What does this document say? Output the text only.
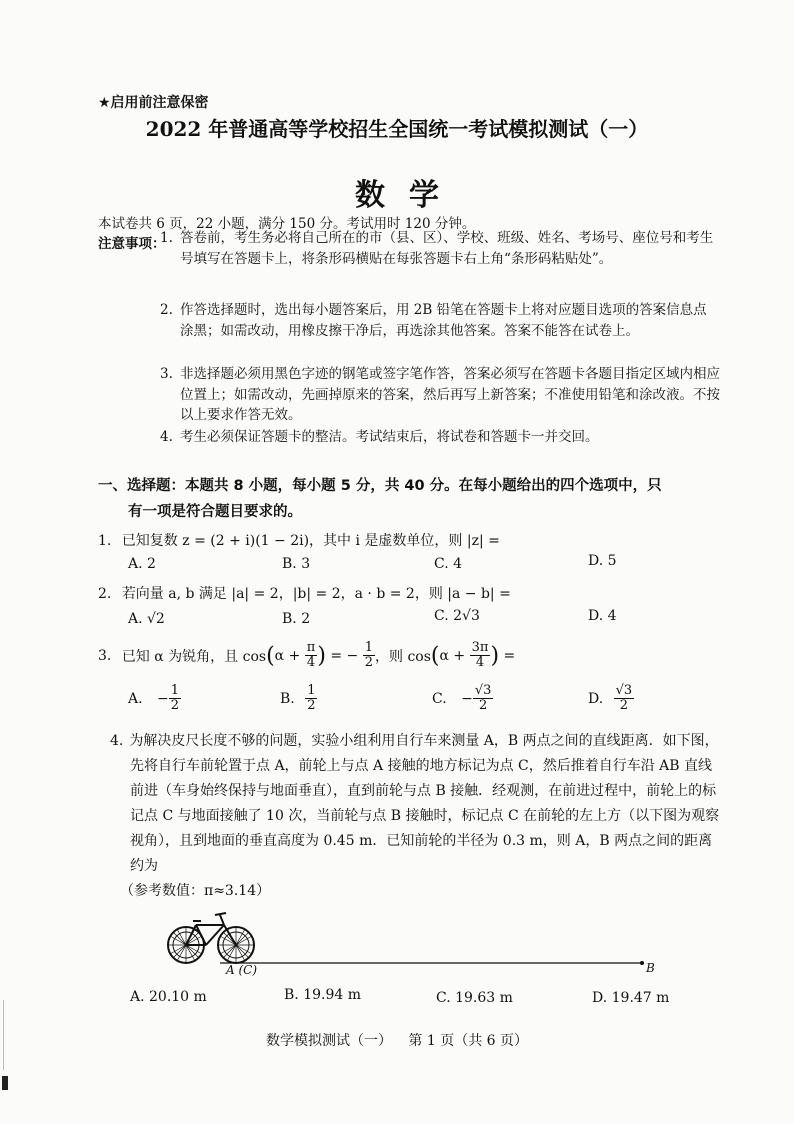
★启用前注意保密
2022 年普通高等学校招生全国统一考试模拟测试（一）
数学
本试卷共 6 页，22 小题，满分 150 分。考试用时 120 分钟。
注意事项：
1. 答卷前，考生务必将自己所在的市（县、区）、学校、班级、姓名、考场号、座位号和考生号填写在答题卡上，将条形码横贴在每张答题卡右上角“条形码粘贴处”。
2. 作答选择题时，选出每小题答案后，用 2B 铅笔在答题卡上将对应题目选项的答案信息点涂黑；如需改动，用橡皮擦干净后，再选涂其他答案。答案不能答在试卷上。
3. 非选择题必须用黑色字迹的钢笔或签字笔作答，答案必须写在答题卡各题目指定区域内相应位置上；如需改动，先画掉原来的答案，然后再写上新答案；不准使用铅笔和涂改液。不按以上要求作答无效。
4. 考生必须保证答题卡的整洁。考试结束后，将试卷和答题卡一并交回。
一、选择题：本题共 8 小题，每小题 5 分，共 40 分。在每小题给出的四个选项中，只
有一项是符合题目要求的。
1. 已知复数 z = (2 + i)(1 − 2i)，其中 i 是虚数单位，则 |z| =
A. 2	B. 3	C. 4	D. 5
2. 若向量 a, b 满足 |a| = 2，|b| = 2，a · b = 2，则 |a − b| =
A. √2	B. 2	C. 2√3	D. 4
3. 已知 α 为锐角，且 $\cos(\alpha + \frac{\pi}{4}$ ) = − $\frac{1}{2}$ ，则 $\cos(\alpha + \frac{3\pi}{4}$ ) =
A. − $\frac{1}{2}$	B. $\frac{1}{2}$	C. − $\frac{√3}{2}$	D. $\frac{√3}{2}$
4. 为解决皮尺长度不够的问题，实验小组利用自行车来测量 A，B 两点之间的直线距离．如下图，先将自行车前轮置于点 A，前轮上与点 A 接触的地方标记为点 C，然后推着自行车沿 AB 直线前进（车身始终保持与地面垂直），直到前轮与点 B 接触．经观测，在前进过程中，前轮上的标记点 C 与地面接触了 10 次，当前轮与点 B 接触时，标记点 C 在前轮的左上方（以下图为观察视角），且到地面的垂直高度为 0.45 m．已知前轮的半径为 0.3 m，则 A，B 两点之间的距离约为
（参考数值：π≈3.14）
A (C)	B
A. 20.10 m	B. 19.94 m	C. 19.63 m	D. 19.47 m
数学模拟测试（一） 第 1 页（共 6 页）
